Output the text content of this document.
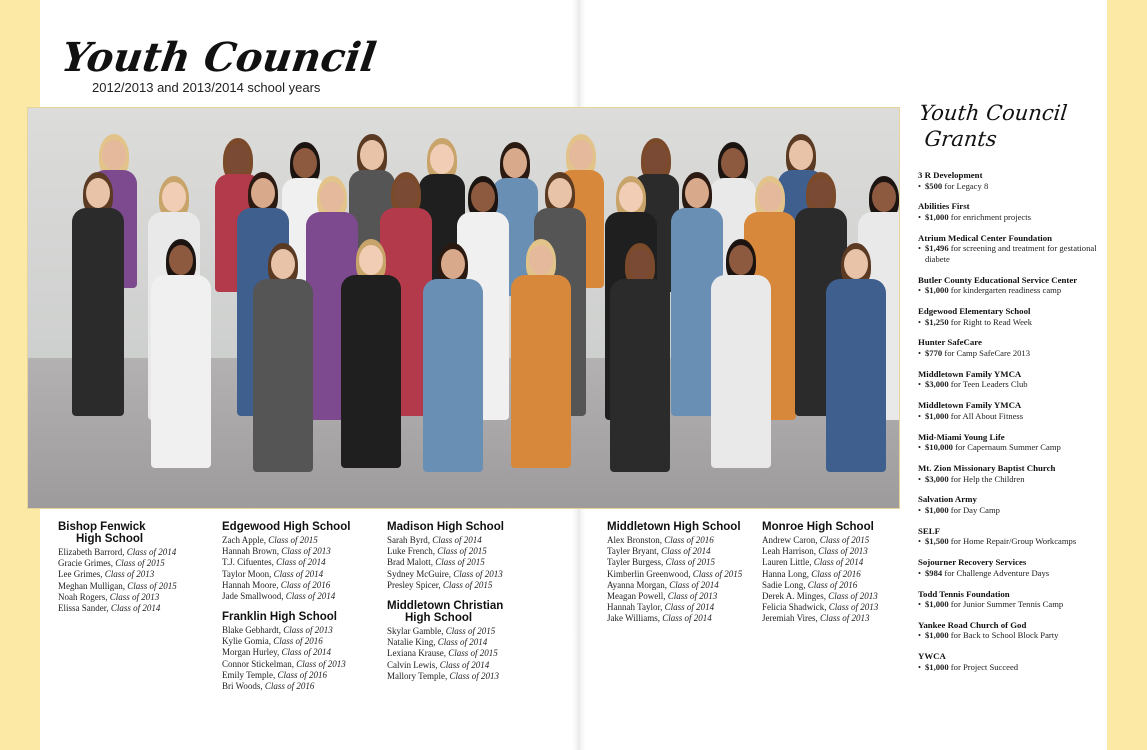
Youth Council
2012/2013 and 2013/2014 school years
Bishop Fenwick
High School
Elizabeth Barrord, Class of 2014
Gracie Grimes, Class of 2015
Lee Grimes, Class of 2013
Meghan Mulligan, Class of 2015
Noah Rogers, Class of 2013
Elissa Sander, Class of 2014
Edgewood High School
Zach Apple, Class of 2015
Hannah Brown, Class of 2013
T.J. Cifuentes, Class of 2014
Taylor Moon, Class of 2014
Hannah Moore, Class of 2016
Jade Smallwood, Class of 2014
Franklin High School
Blake Gebhardt, Class of 2013
Kylie Gomia, Class of 2016
Morgan Hurley, Class of 2014
Connor Stickelman, Class of 2013
Emily Temple, Class of 2016
Bri Woods, Class of 2016
Madison High School
Sarah Byrd, Class of 2014
Luke French, Class of 2015
Brad Malott, Class of 2015
Sydney McGuire, Class of 2013
Presley Spicer, Class of 2015
Middletown Christian
High School
Skylar Gamble, Class of 2015
Natalie King, Class of 2014
Lexiana Krause, Class of 2015
Calvin Lewis, Class of 2014
Mallory Temple, Class of 2013
Middletown High School
Alex Bronston, Class of 2016
Tayler Bryant, Class of 2014
Tayler Burgess, Class of 2015
Kimberlin Greenwood, Class of 2015
Ayanna Morgan, Class of 2014
Meagan Powell, Class of 2013
Hannah Taylor, Class of 2014
Jake Williams, Class of 2014
Monroe High School
Andrew Caron, Class of 2015
Leah Harrison, Class of 2013
Lauren Little, Class of 2014
Hanna Long, Class of 2016
Sadie Long, Class of 2016
Derek A. Minges, Class of 2013
Felicia Shadwick, Class of 2013
Jeremiah Vires, Class of 2013
Youth Council
Grants
3 R Development
• $500 for Legacy 8
Abilities First
• $1,000 for enrichment projects
Atrium Medical Center Foundation
• $1,496 for screening and treatment for gestational diabete
Butler County Educational Service Center
• $1,000 for kindergarten readiness camp
Edgewood Elementary School
• $1,250 for Right to Read Week
Hunter SafeCare
• $770 for Camp SafeCare 2013
Middletown Family YMCA
• $3,000 for Teen Leaders Club
Middletown Family YMCA
• $1,000 for All About Fitness
Mid-Miami Young Life
• $10,000 for Capernaum Summer Camp
Mt. Zion Missionary Baptist Church
• $3,000 for Help the Children
Salvation Army
• $1,000 for Day Camp
SELF
• $1,500 for Home Repair/Group Workcamps
Sojourner Recovery Services
• $984 for Challenge Adventure Days
Todd Tennis Foundation
• $1,000 for Junior Summer Tennis Camp
Yankee Road Church of God
• $1,000 for Back to School Block Party
YWCA
• $1,000 for Project Succeed
